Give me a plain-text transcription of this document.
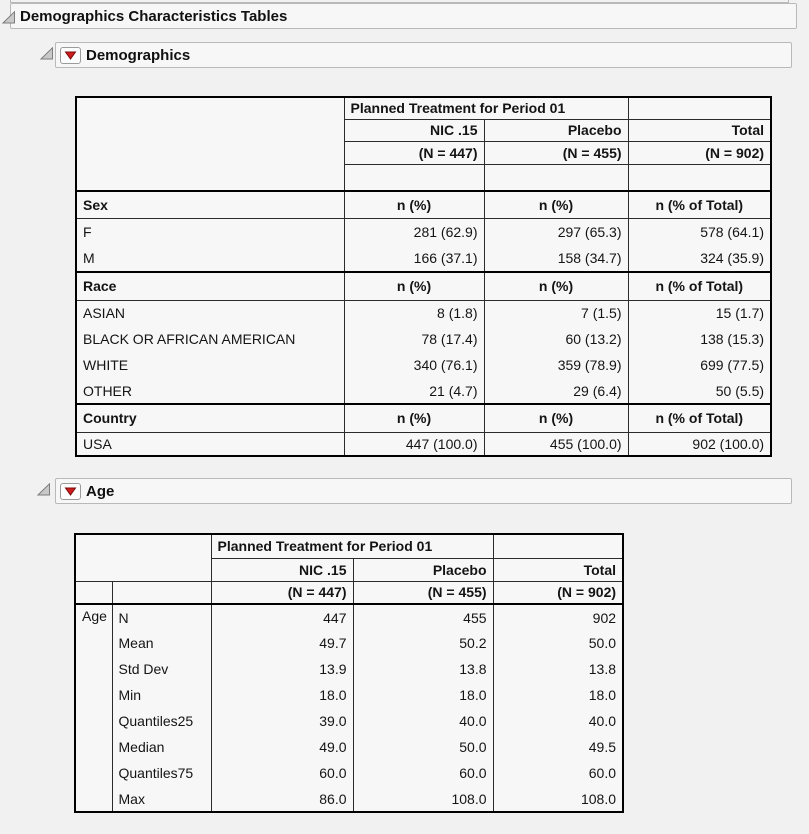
Demographics Characteristics Tables
Demographics
	Planned Treatment for Period 01		
	NIC .15	Placebo	Total
	(N = 447)	(N = 455)	(N = 902)

Sex	n (%)	n (%)	n (% of Total)
F	281 (62.9)	297 (65.3)	578 (64.1)
M	166 (37.1)	158 (34.7)	324 (35.9)
Race	n (%)	n (%)	n (% of Total)
ASIAN	8 (1.8)	7 (1.5)	15 (1.7)
BLACK OR AFRICAN AMERICAN	78 (17.4)	60 (13.2)	138 (15.3)
WHITE	340 (76.1)	359 (78.9)	699 (77.5)
OTHER	21 (4.7)	29 (6.4)	50 (5.5)
Country	n (%)	n (%)	n (% of Total)
USA	447 (100.0)	455 (100.0)	902 (100.0)
Age
		Planned Treatment for Period 01		
		NIC .15	Placebo	Total
		(N = 447)	(N = 455)	(N = 902)
Age	N	447	455	902
	Mean	49.7	50.2	50.0
	Std Dev	13.9	13.8	13.8
	Min	18.0	18.0	18.0
	Quantiles25	39.0	40.0	40.0
	Median	49.0	50.0	49.5
	Quantiles75	60.0	60.0	60.0
	Max	86.0	108.0	108.0
